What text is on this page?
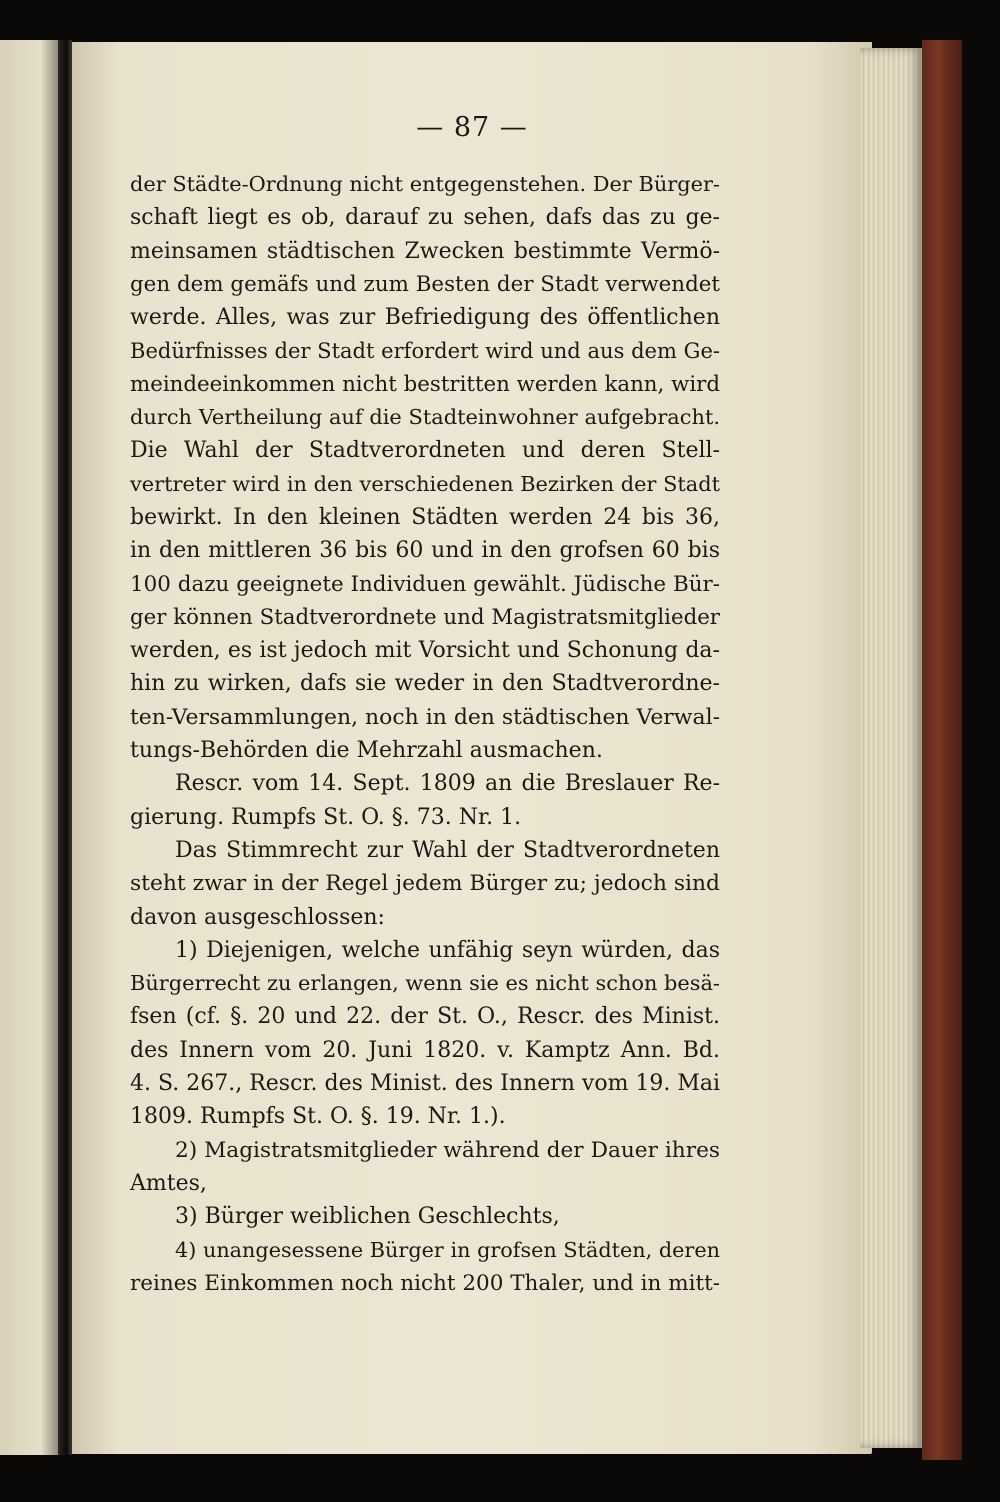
— 87 —
der Städte-Ordnung nicht entgegenstehen. Der Bürger-
schaft liegt es ob, darauf zu sehen, dafs das zu ge-
meinsamen städtischen Zwecken bestimmte Vermö-
gen dem gemäfs und zum Besten der Stadt verwendet
werde. Alles, was zur Befriedigung des öffentlichen
Bedürfnisses der Stadt erfordert wird und aus dem Ge-
meindeeinkommen nicht bestritten werden kann, wird
durch Vertheilung auf die Stadteinwohner aufgebracht.
Die Wahl der Stadtverordneten und deren Stell-
vertreter wird in den verschiedenen Bezirken der Stadt
bewirkt. In den kleinen Städten werden 24 bis 36,
in den mittleren 36 bis 60 und in den grofsen 60 bis
100 dazu geeignete Individuen gewählt. Jüdische Bür-
ger können Stadtverordnete und Magistratsmitglieder
werden, es ist jedoch mit Vorsicht und Schonung da-
hin zu wirken, dafs sie weder in den Stadtverordne-
ten-Versammlungen, noch in den städtischen Verwal-
tungs-Behörden die Mehrzahl ausmachen.
Rescr. vom 14. Sept. 1809 an die Breslauer Re-
gierung. Rumpfs St. O. §. 73. Nr. 1.
Das Stimmrecht zur Wahl der Stadtverordneten
steht zwar in der Regel jedem Bürger zu; jedoch sind
davon ausgeschlossen:
1) Diejenigen, welche unfähig seyn würden, das
Bürgerrecht zu erlangen, wenn sie es nicht schon besä-
fsen (cf. §. 20 und 22. der St. O., Rescr. des Minist.
des Innern vom 20. Juni 1820. v. Kamptz Ann. Bd.
4. S. 267., Rescr. des Minist. des Innern vom 19. Mai
1809. Rumpfs St. O. §. 19. Nr. 1.).
2) Magistratsmitglieder während der Dauer ihres
Amtes,
3) Bürger weiblichen Geschlechts,
4) unangesessene Bürger in grofsen Städten, deren
reines Einkommen noch nicht 200 Thaler, und in mitt-
